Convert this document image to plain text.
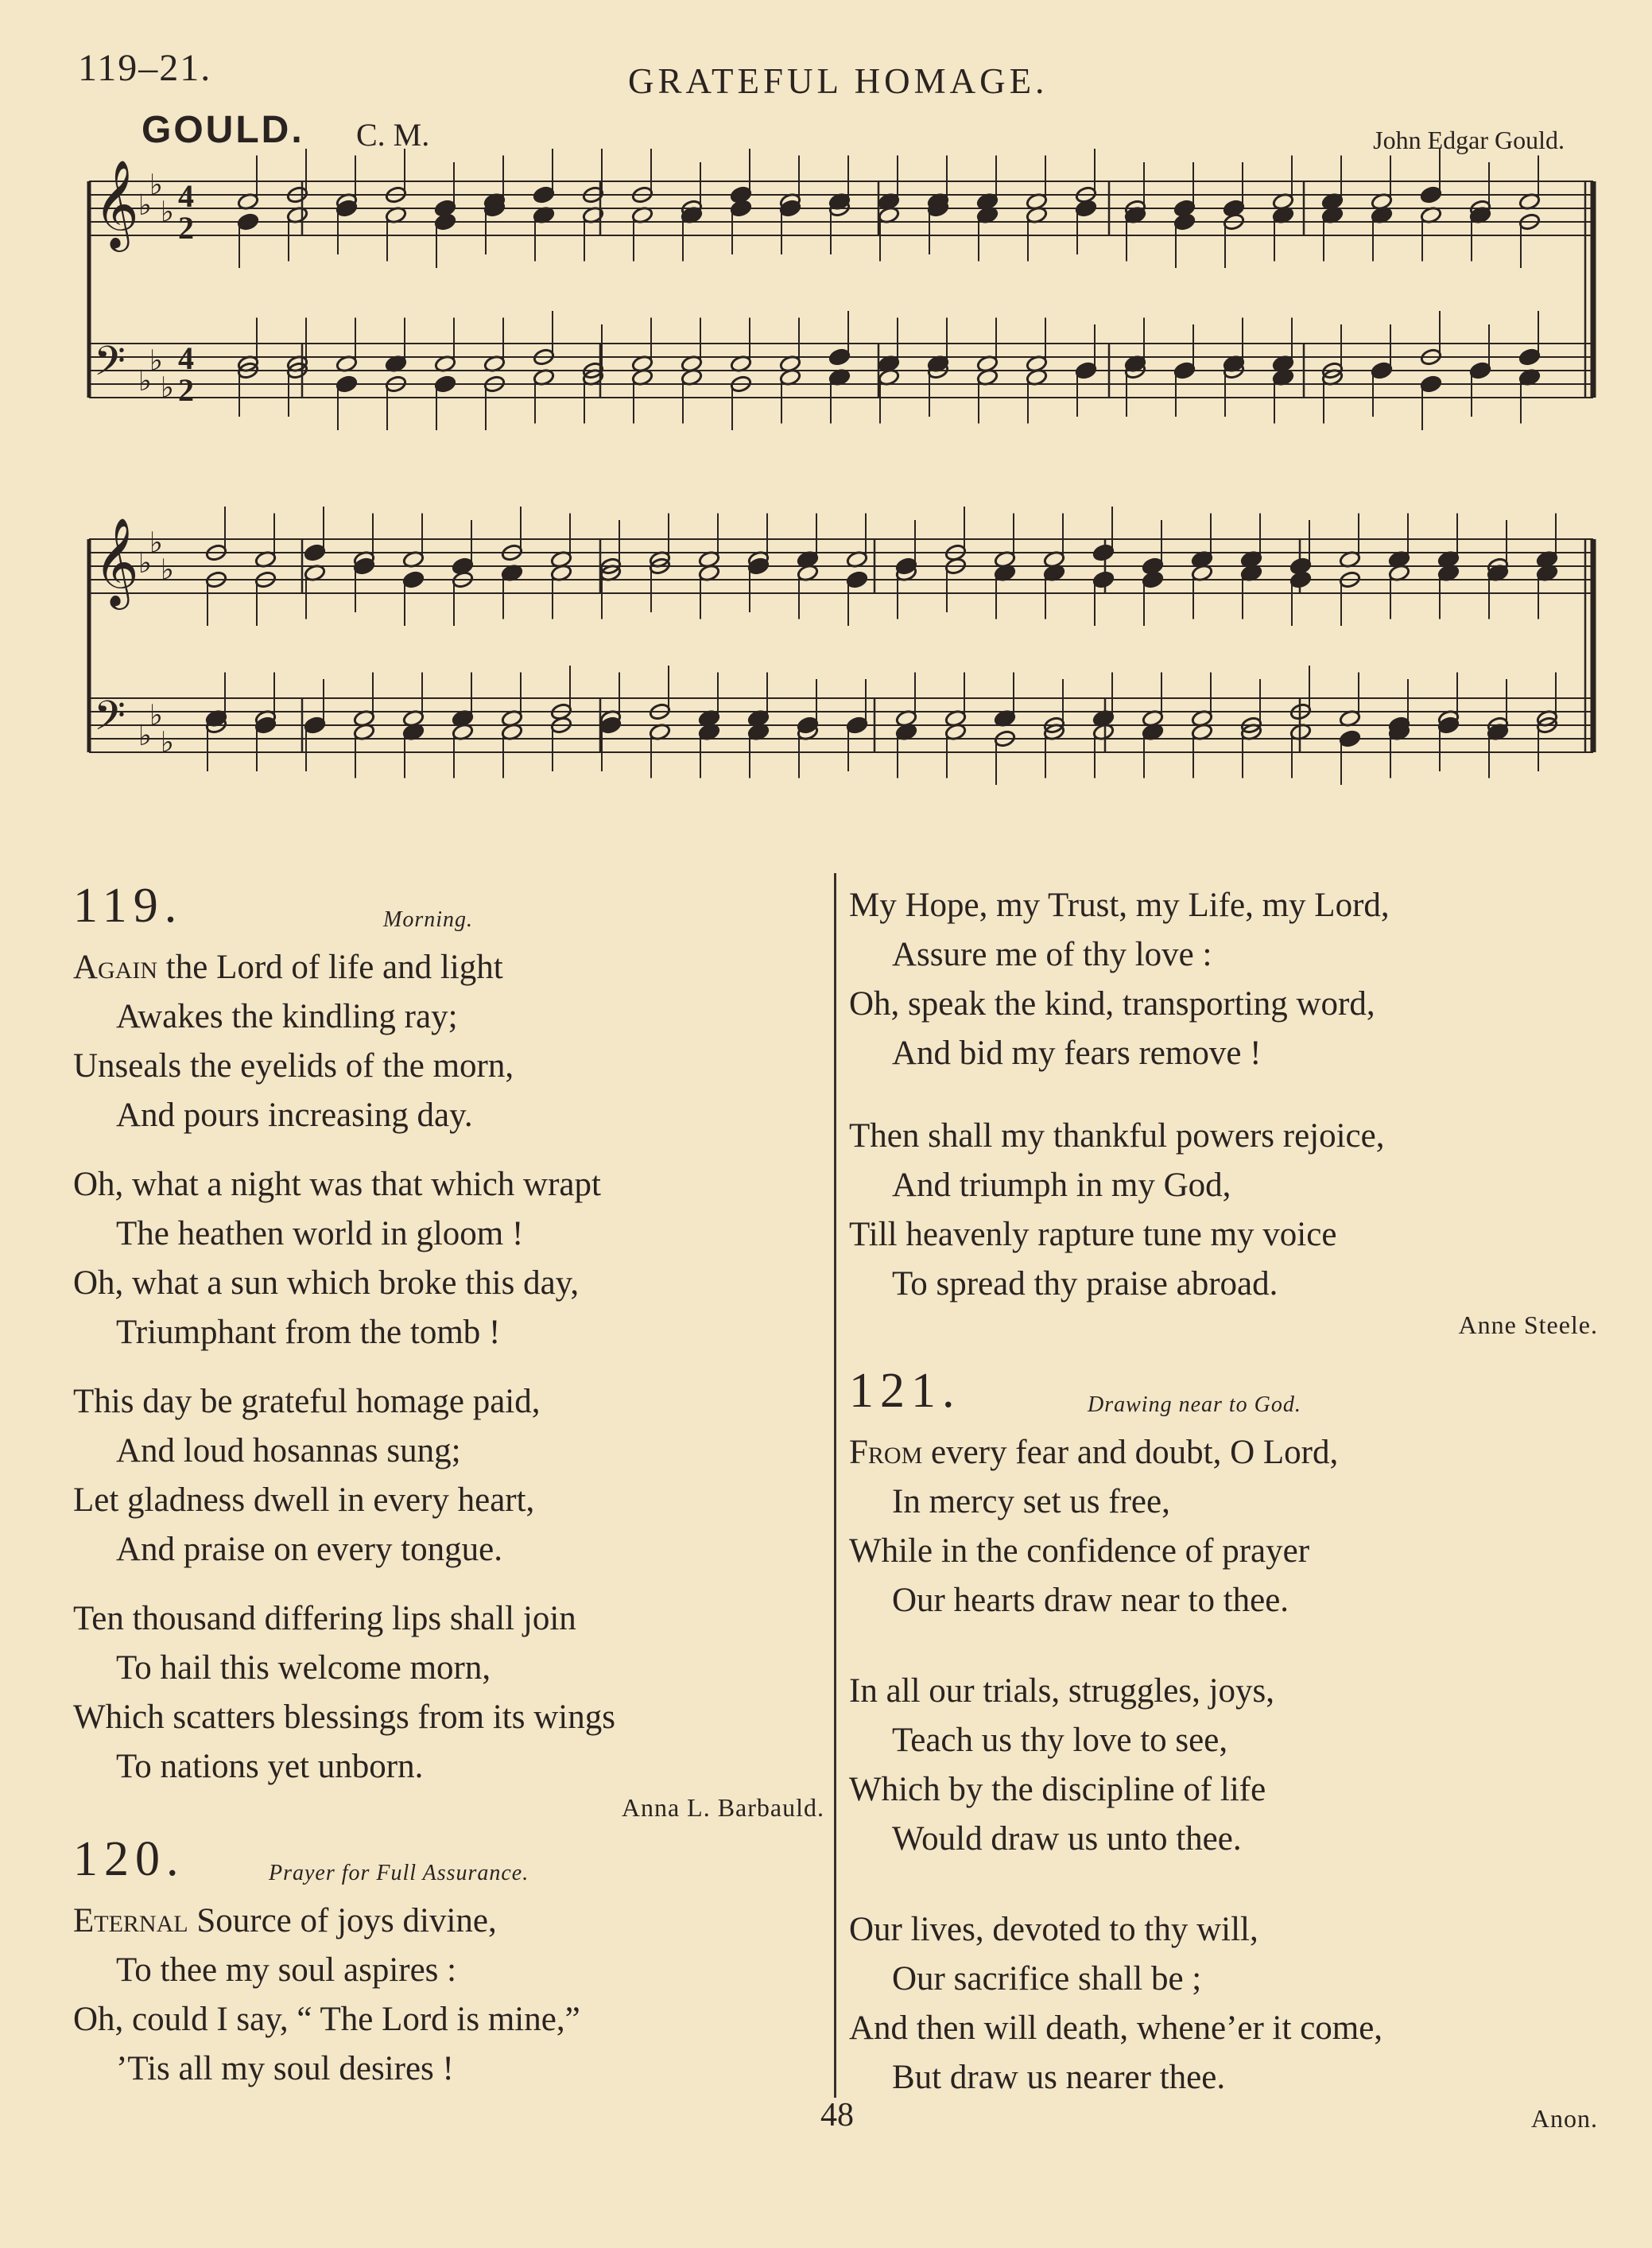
119–21.	GRATEFUL HOMAGE.
GOULD. C. M.	John Edgar Gould.
𝄞 ♭
♭
♭ 4
2
𝄢 ♭
♭
♭
4
2
𝄞 ♭
♭
♭
𝄢 ♭
♭
♭
119.	Morning.
Again the Lord of life and light
Awakes the kindling ray;
Unseals the eyelids of the morn,
And pours increasing day.
Oh, what a night was that which wrapt
The heathen world in gloom !
Oh, what a sun which broke this day,
Triumphant from the tomb !
This day be grateful homage paid,
And loud hosannas sung;
Let gladness dwell in every heart,
And praise on every tongue.
Ten thousand differing lips shall join
To hail this welcome morn,
Which scatters blessings from its wings
To nations yet unborn.
Anna L. Barbauld.
120.	Prayer for Full Assurance.
Eternal Source of joys divine,
To thee my soul aspires :
Oh, could I say, “ The Lord is mine,”
’Tis all my soul desires !
My Hope, my Trust, my Life, my Lord,
Assure me of thy love :
Oh, speak the kind, transporting word,
And bid my fears remove !
Then shall my thankful powers rejoice,
And triumph in my God,
Till heavenly rapture tune my voice
To spread thy praise abroad.
Anne Steele.
121.	Drawing near to God.
From every fear and doubt, O Lord,
In mercy set us free,
While in the confidence of prayer
Our hearts draw near to thee.
In all our trials, struggles, joys,
Teach us thy love to see,
Which by the discipline of life
Would draw us unto thee.
Our lives, devoted to thy will,
Our sacrifice shall be ;
And then will death, whene’er it come,
But draw us nearer thee.
Anon.
48
